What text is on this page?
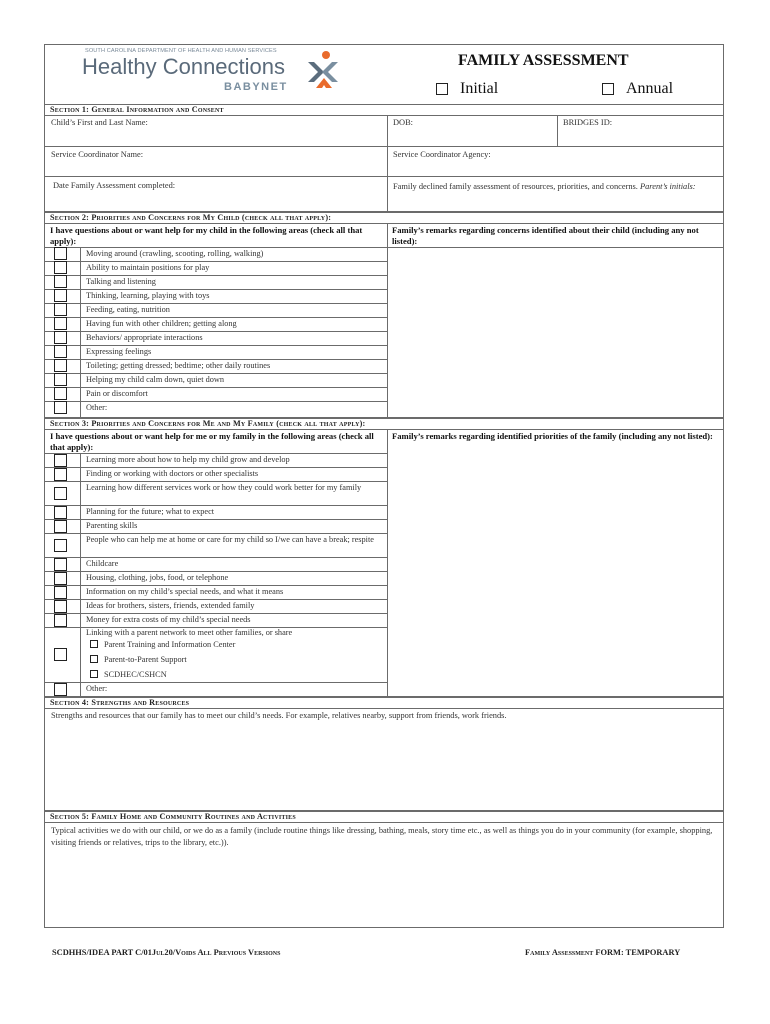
SOUTH CAROLINA DEPARTMENT OF HEALTH AND HUMAN SERVICES
Healthy Connections
BABYNET
FAMILY ASSESSMENT
Initial	Annual
Section 1: General Information and Consent
Child’s First and Last Name:	DOB:	BRIDGES ID:
Service Coordinator Name:	Service Coordinator Agency:
Date Family Assessment completed:	Family declined family assessment of resources, priorities, and concerns. Parent’s initials:
Section 2: Priorities and Concerns for My Child (check all that apply):
I have questions about or want help for my child in the following areas (check all that apply):
Family’s remarks regarding concerns identified about their child (including any not listed):
Moving around (crawling, scooting, rolling, walking)
Ability to maintain positions for play
Talking and listening
Thinking, learning, playing with toys
Feeding, eating, nutrition
Having fun with other children; getting along
Behaviors/ appropriate interactions
Expressing feelings
Toileting; getting dressed; bedtime; other daily routines
Helping my child calm down, quiet down
Pain or discomfort
Other:
Section 3: Priorities and Concerns for Me and My Family (check all that apply):
I have questions about or want help for me or my family in the following areas (check all that apply):
Family’s remarks regarding identified priorities of the family (including any not listed):
Learning more about how to help my child grow and develop
Finding or working with doctors or other specialists
Learning how different services work or how they could work better for my family
Planning for the future; what to expect
Parenting skills
People who can help me at home or care for my child so I/we can have a break; respite
Childcare
Housing, clothing, jobs, food, or telephone
Information on my child’s special needs, and what it means
Ideas for brothers, sisters, friends, extended family
Money for extra costs of my child’s special needs
Linking with a parent network to meet other families, or share
Parent Training and Information Center
Parent-to-Parent Support
SCDHEC/CSHCN
Other:
Section 4: Strengths and Resources
Strengths and resources that our family has to meet our child’s needs. For example, relatives nearby, support from friends, work friends.
Section 5: Family Home and Community Routines and Activities
Typical activities we do with our child, or we do as a family (include routine things like dressing, bathing, meals, story time etc., as well as things you do in your community (for example, shopping, visiting friends or relatives, trips to the library, etc.)).
SCDHHS/IDEA PART C/01Jul20/Voids All Previous Versions	Family Assessment FORM: TEMPORARY
